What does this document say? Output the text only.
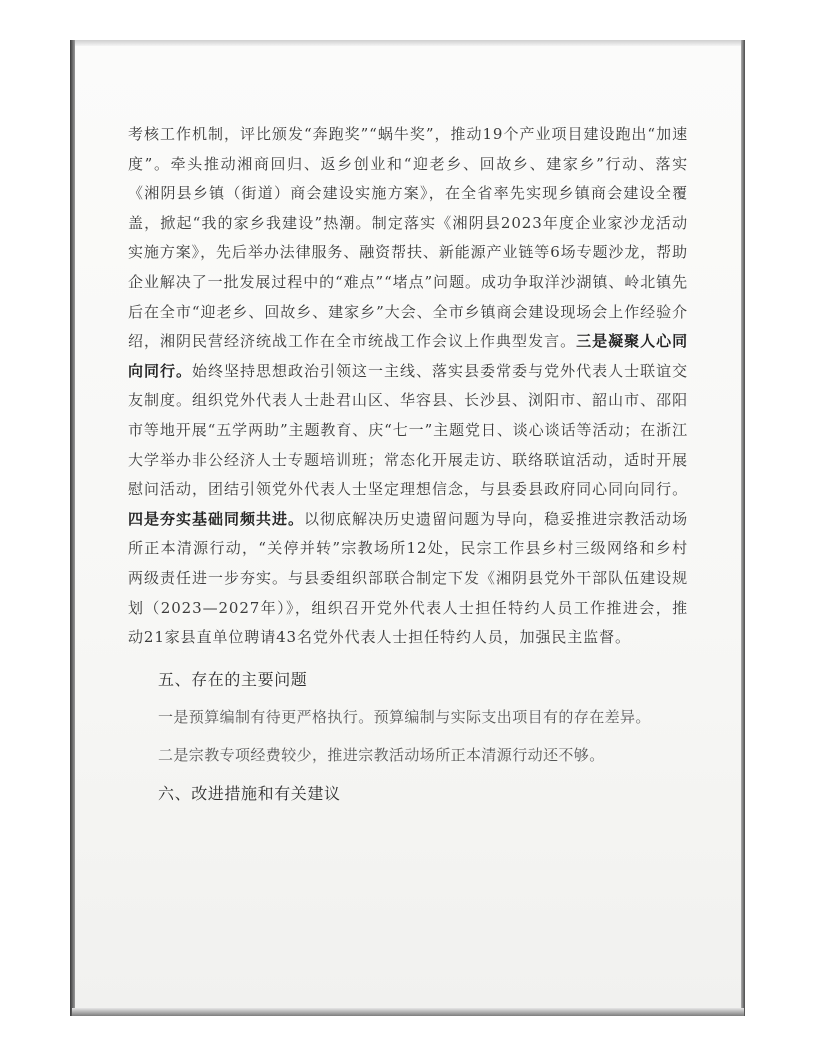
考核工作机制，评比颁发“奔跑奖”“蜗牛奖”，推动19个产业项目建设跑出“加速度”。牵头推动湘商回归、返乡创业和“迎老乡、回故乡、建家乡”行动、落实《湘阴县乡镇（街道）商会建设实施方案》，在全省率先实现乡镇商会建设全覆盖，掀起“我的家乡我建设”热潮。制定落实《湘阴县2023年度企业家沙龙活动实施方案》，先后举办法律服务、融资帮扶、新能源产业链等6场专题沙龙，帮助企业解决了一批发展过程中的“难点”“堵点”问题。成功争取洋沙湖镇、岭北镇先后在全市“迎老乡、回故乡、建家乡”大会、全市乡镇商会建设现场会上作经验介绍，湘阴民营经济统战工作在全市统战工作会议上作典型发言。三是凝聚人心同向同行。始终坚持思想政治引领这一主线、落实县委常委与党外代表人士联谊交友制度。组织党外代表人士赴君山区、华容县、长沙县、浏阳市、韶山市、邵阳市等地开展“五学两助”主题教育、庆“七一”主题党日、谈心谈话等活动；在浙江大学举办非公经济人士专题培训班；常态化开展走访、联络联谊活动，适时开展慰问活动，团结引领党外代表人士坚定理想信念，与县委县政府同心同向同行。四是夯实基础同频共进。以彻底解决历史遗留问题为导向，稳妥推进宗教活动场所正本清源行动，“关停并转”宗教场所12处，民宗工作县乡村三级网络和乡村两级责任进一步夯实。与县委组织部联合制定下发《湘阴县党外干部队伍建设规划（2023—2027年）》，组织召开党外代表人士担任特约人员工作推进会，推动21家县直单位聘请43名党外代表人士担任特约人员，加强民主监督。

五、存在的主要问题

一是预算编制有待更严格执行。预算编制与实际支出项目有的存在差异。

二是宗教专项经费较少，推进宗教活动场所正本清源行动还不够。

六、改进措施和有关建议
